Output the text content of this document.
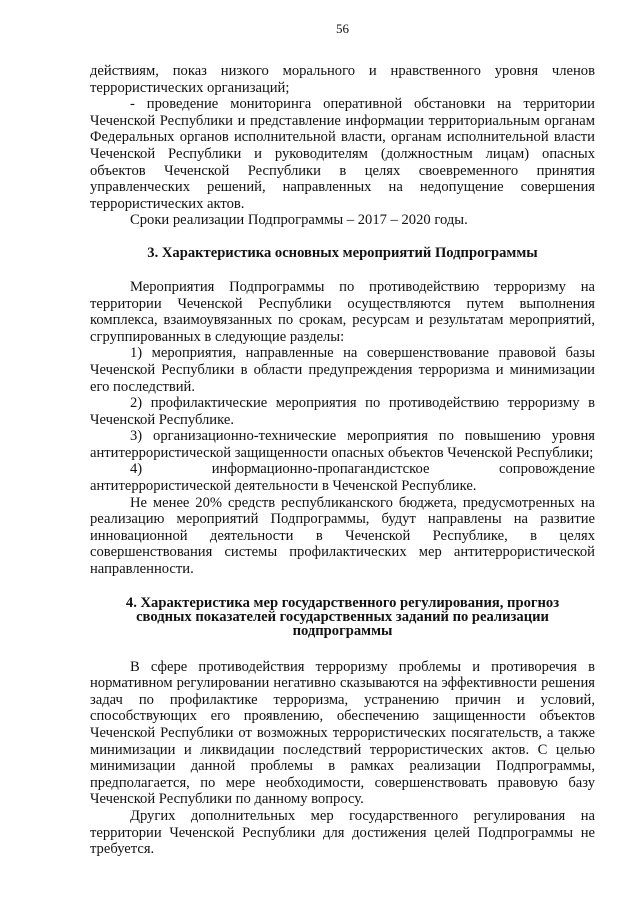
56

действиям, показ низкого морального и нравственного уровня членов террористических организаций;

- проведение мониторинга оперативной обстановки на территории Чеченской Республики и представление информации территориальным органам Федеральных органов исполнительной власти, органам исполнительной власти Чеченской Республики и руководителям (должностным лицам) опасных объектов Чеченской Республики в целях своевременного принятия управленческих решений, направленных на недопущение совершения террористических актов.

Сроки реализации Подпрограммы – 2017 – 2020 годы.

3. Характеристика основных мероприятий Подпрограммы

Мероприятия Подпрограммы по противодействию терроризму на территории Чеченской Республики осуществляются путем выполнения комплекса, взаимоувязанных по срокам, ресурсам и результатам мероприятий, сгруппированных в следующие разделы:

1) мероприятия, направленные на совершенствование правовой базы Чеченской Республики в области предупреждения терроризма и минимизации его последствий.

2) профилактические мероприятия по противодействию терроризму в Чеченской Республике.

3) организационно-технические мероприятия по повышению уровня антитеррористической защищенности опасных объектов Чеченской Республики;

4) информационно-пропагандистское сопровождение антитеррористической деятельности в Чеченской Республике.

Не менее 20% средств республиканского бюджета, предусмотренных на реализацию мероприятий Подпрограммы, будут направлены на развитие инновационной деятельности в Чеченской Республике, в целях совершенствования системы профилактических мер антитеррористической направленности.

4. Характеристика мер государственного регулирования, прогноз
сводных показателей государственных заданий по реализации
подпрограммы

В сфере противодействия терроризму проблемы и противоречия в нормативном регулировании негативно сказываются на эффективности решения задач по профилактике терроризма, устранению причин и условий, способствующих его проявлению, обеспечению защищенности объектов Чеченской Республики от возможных террористических посягательств, а также минимизации и ликвидации последствий террористических актов. С целью минимизации данной проблемы в рамках реализации Подпрограммы, предполагается, по мере необходимости, совершенствовать правовую базу Чеченской Республики по данному вопросу.

Других дополнительных мер государственного регулирования на территории Чеченской Республики для достижения целей Подпрограммы не требуется.
